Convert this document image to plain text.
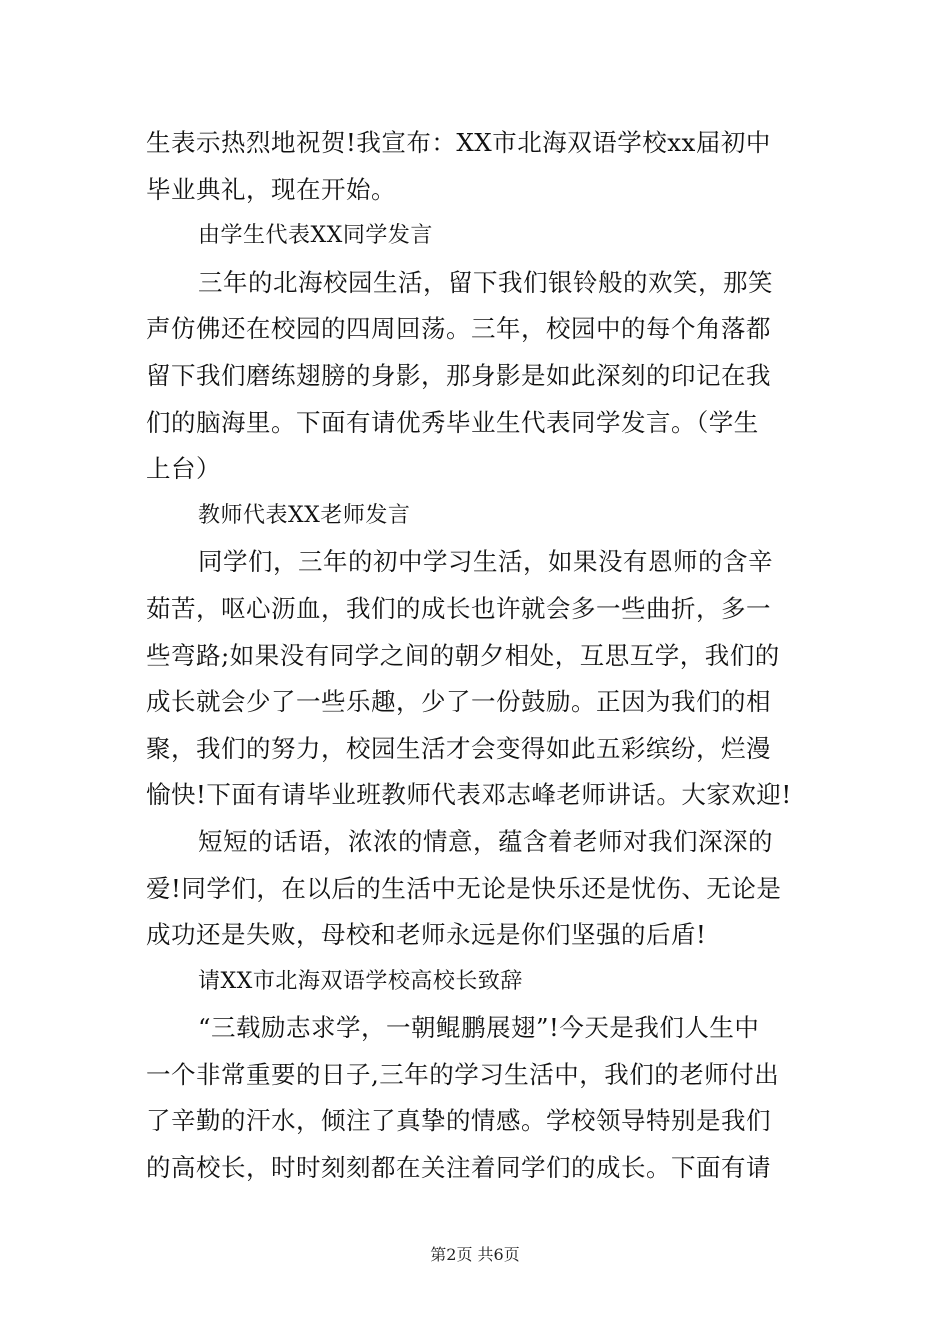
生表示热烈地祝贺!我宣布：XX市北海双语学校xx届初中
毕业典礼，现在开始。
由学生代表XX同学发言
三年的北海校园生活，留下我们银铃般的欢笑，那笑
声仿佛还在校园的四周回荡。三年，校园中的每个角落都
留下我们磨练翅膀的身影，那身影是如此深刻的印记在我
们的脑海里。下面有请优秀毕业生代表同学发言。（学生
上台）
教师代表XX老师发言
同学们，三年的初中学习生活，如果没有恩师的含辛
茹苦，呕心沥血，我们的成长也许就会多一些曲折，多一
些弯路;如果没有同学之间的朝夕相处，互思互学，我们的
成长就会少了一些乐趣，少了一份鼓励。正因为我们的相
聚，我们的努力，校园生活才会变得如此五彩缤纷，烂漫
愉快!下面有请毕业班教师代表邓志峰老师讲话。大家欢迎!
短短的话语，浓浓的情意，蕴含着老师对我们深深的
爱!同学们，在以后的生活中无论是快乐还是忧伤、无论是
成功还是失败，母校和老师永远是你们坚强的后盾!
请XX市北海双语学校高校长致辞
“三载励志求学，一朝鲲鹏展翅”!今天是我们人生中
一个非常重要的日子,三年的学习生活中，我们的老师付出
了辛勤的汗水，倾注了真挚的情感。学校领导特别是我们
的高校长，时时刻刻都在关注着同学们的成长。下面有请
第2页 共6页
